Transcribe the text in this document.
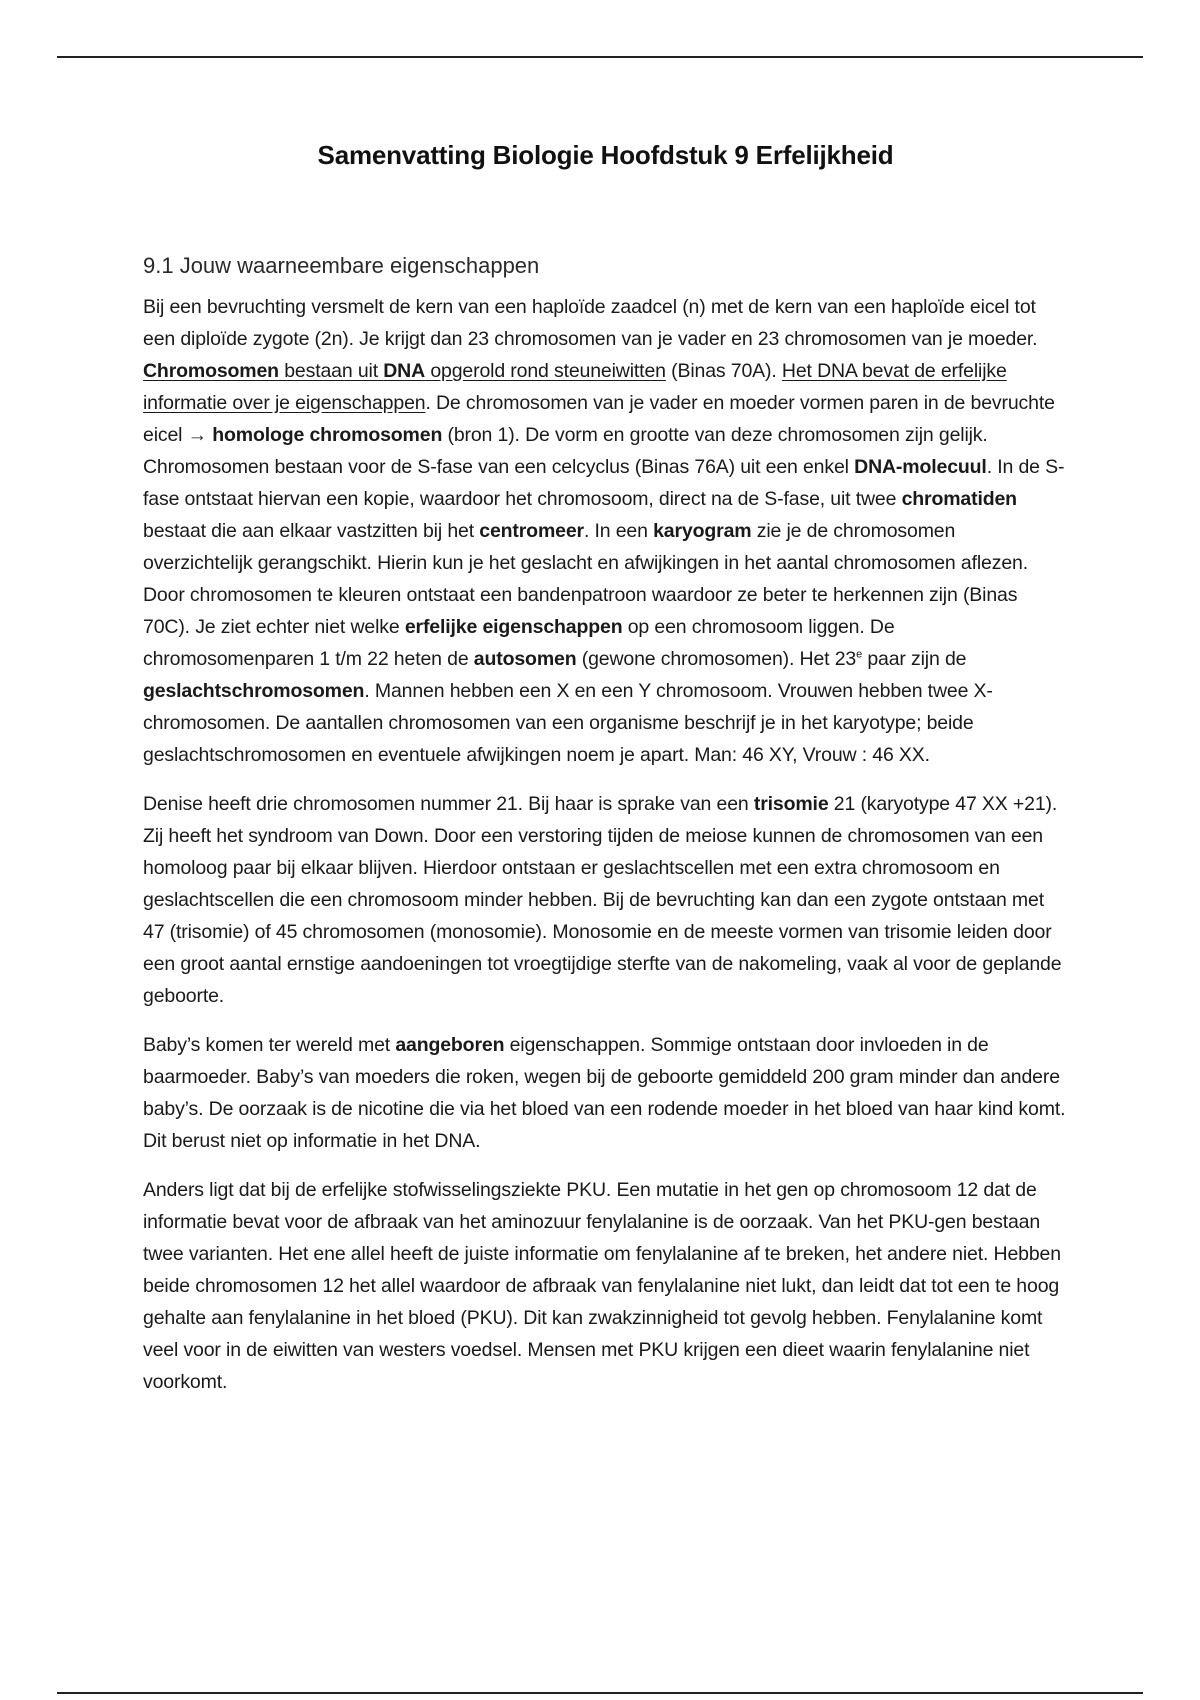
Samenvatting Biologie Hoofdstuk 9 Erfelijkheid
9.1 Jouw waarneembare eigenschappen

Bij een bevruchting versmelt de kern van een haploïde zaadcel (n) met de kern van een haploïde eicel tot een diploïde zygote (2n). Je krijgt dan 23 chromosomen van je vader en 23 chromosomen van je moeder. Chromosomen bestaan uit DNA opgerold rond steuneiwitten (Binas 70A). Het DNA bevat de erfelijke informatie over je eigenschappen. De chromosomen van je vader en moeder vormen paren in de bevruchte eicel → homologe chromosomen (bron 1). De vorm en grootte van deze chromosomen zijn gelijk. Chromosomen bestaan voor de S-fase van een celcyclus (Binas 76A) uit een enkel DNA-molecuul. In de S-fase ontstaat hiervan een kopie, waardoor het chromosoom, direct na de S-fase, uit twee chromatiden bestaat die aan elkaar vastzitten bij het centromeer. In een karyogram zie je de chromosomen overzichtelijk gerangschikt. Hierin kun je het geslacht en afwijkingen in het aantal chromosomen aflezen. Door chromosomen te kleuren ontstaat een bandenpatroon waardoor ze beter te herkennen zijn (Binas 70C). Je ziet echter niet welke erfelijke eigenschappen op een chromosoom liggen. De chromosomenparen 1 t/m 22 heten de autosomen (gewone chromosomen). Het 23e paar zijn de geslachtschromosomen. Mannen hebben een X en een Y chromosoom. Vrouwen hebben twee X-chromosomen. De aantallen chromosomen van een organisme beschrijf je in het karyotype; beide geslachtschromosomen en eventuele afwijkingen noem je apart. Man: 46 XY, Vrouw : 46 XX.

Denise heeft drie chromosomen nummer 21. Bij haar is sprake van een trisomie 21 (karyotype 47 XX +21). Zij heeft het syndroom van Down. Door een verstoring tijden de meiose kunnen de chromosomen van een homoloog paar bij elkaar blijven. Hierdoor ontstaan er geslachtscellen met een extra chromosoom en geslachtscellen die een chromosoom minder hebben. Bij de bevruchting kan dan een zygote ontstaan met 47 (trisomie) of 45 chromosomen (monosomie). Monosomie en de meeste vormen van trisomie leiden door een groot aantal ernstige aandoeningen tot vroegtijdige sterfte van de nakomeling, vaak al voor de geplande geboorte.

Baby’s komen ter wereld met aangeboren eigenschappen. Sommige ontstaan door invloeden in de baarmoeder. Baby’s van moeders die roken, wegen bij de geboorte gemiddeld 200 gram minder dan andere baby’s. De oorzaak is de nicotine die via het bloed van een rodende moeder in het bloed van haar kind komt. Dit berust niet op informatie in het DNA.

Anders ligt dat bij de erfelijke stofwisselingsziekte PKU. Een mutatie in het gen op chromosoom 12 dat de informatie bevat voor de afbraak van het aminozuur fenylalanine is de oorzaak. Van het PKU-gen bestaan twee varianten. Het ene allel heeft de juiste informatie om fenylalanine af te breken, het andere niet. Hebben beide chromosomen 12 het allel waardoor de afbraak van fenylalanine niet lukt, dan leidt dat tot een te hoog gehalte aan fenylalanine in het bloed (PKU). Dit kan zwakzinnigheid tot gevolg hebben. Fenylalanine komt veel voor in de eiwitten van westers voedsel. Mensen met PKU krijgen een dieet waarin fenylalanine niet voorkomt.
